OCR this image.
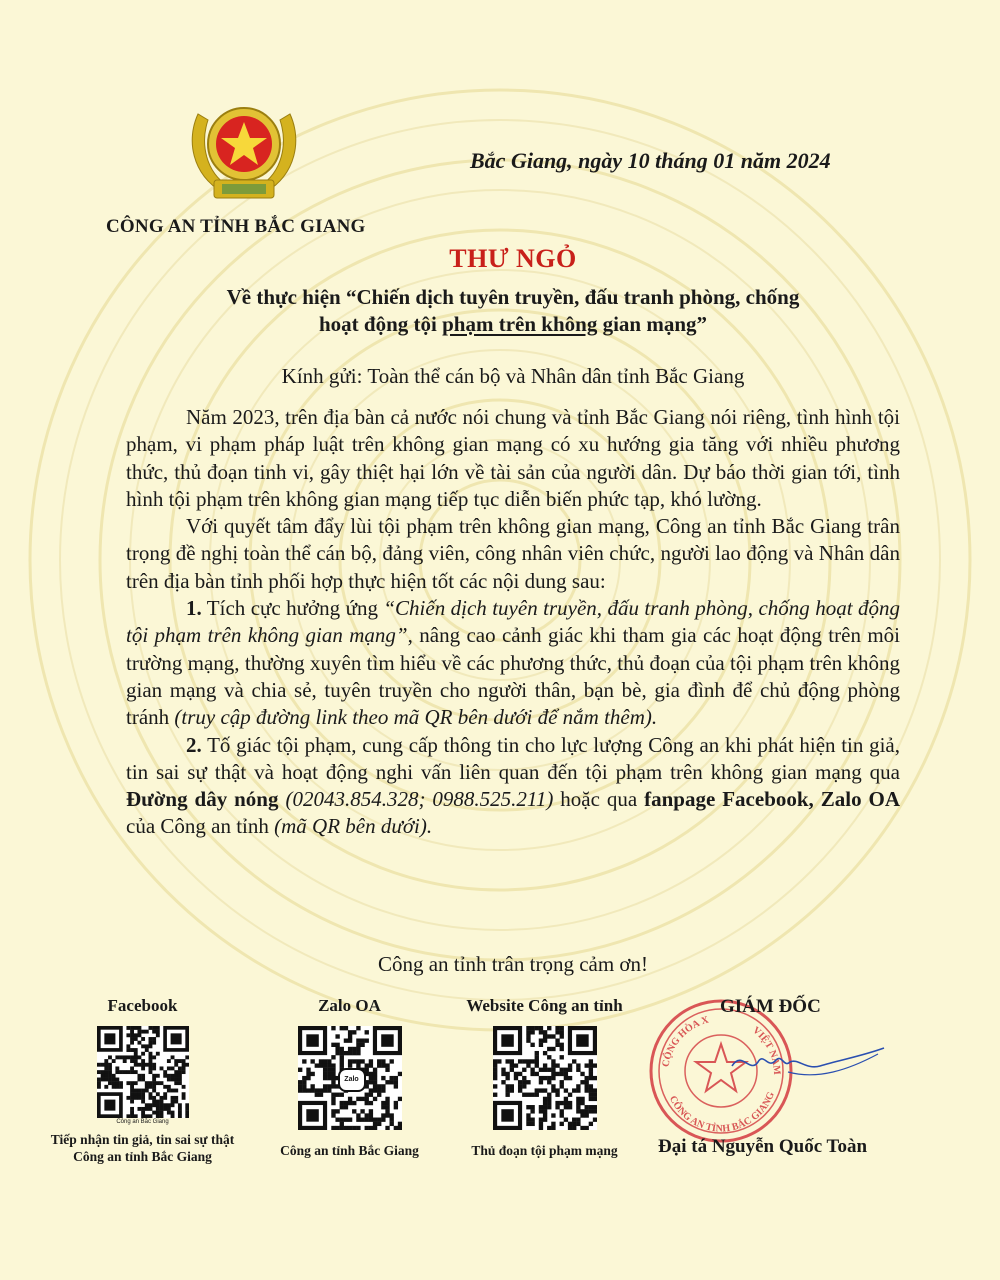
CÔNG AN TỈNH BẮC GIANG
Bắc Giang, ngày 10 tháng 01 năm 2024
THƯ NGỎ
Về thực hiện “Chiến dịch tuyên truyền, đấu tranh phòng, chống
hoạt động tội phạm trên không gian mạng”
Kính gửi: Toàn thể cán bộ và Nhân dân tỉnh Bắc Giang

Năm 2023, trên địa bàn cả nước nói chung và tỉnh Bắc Giang nói riêng, tình hình tội phạm, vi phạm pháp luật trên không gian mạng có xu hướng gia tăng với nhiều phương thức, thủ đoạn tinh vi, gây thiệt hại lớn về tài sản của người dân. Dự báo thời gian tới, tình hình tội phạm trên không gian mạng tiếp tục diễn biến phức tạp, khó lường.

Với quyết tâm đẩy lùi tội phạm trên không gian mạng, Công an tỉnh Bắc Giang trân trọng đề nghị toàn thể cán bộ, đảng viên, công nhân viên chức, người lao động và Nhân dân trên địa bàn tỉnh phối hợp thực hiện tốt các nội dung sau:

1. Tích cực hưởng ứng “Chiến dịch tuyên truyền, đấu tranh phòng, chống hoạt động tội phạm trên không gian mạng”, nâng cao cảnh giác khi tham gia các hoạt động trên môi trường mạng, thường xuyên tìm hiểu về các phương thức, thủ đoạn của tội phạm trên không gian mạng và chia sẻ, tuyên truyền cho người thân, bạn bè, gia đình để chủ động phòng tránh (truy cập đường link theo mã QR bên dưới để nắm thêm).

2. Tố giác tội phạm, cung cấp thông tin cho lực lượng Công an khi phát hiện tin giả, tin sai sự thật và hoạt động nghi vấn liên quan đến tội phạm trên không gian mạng qua Đường dây nóng (02043.854.328; 0988.525.211) hoặc qua fanpage Facebook, Zalo OA của Công an tỉnh (mã QR bên dưới).

Công an tỉnh trân trọng cảm ơn!
Facebook
Công an Bắc Giang
Tiếp nhận tin giả, tin sai sự thật
Công an tỉnh Bắc Giang
Zalo OA
Zalo
Công an tỉnh Bắc Giang
Website Công an tỉnh
Thủ đoạn tội phạm mạng
CỘNG HÒA X
VIỆT NAM
CÔNG AN TỈNH BẮC GIANG
GIÁM ĐỐC
Đại tá Nguyễn Quốc Toàn
